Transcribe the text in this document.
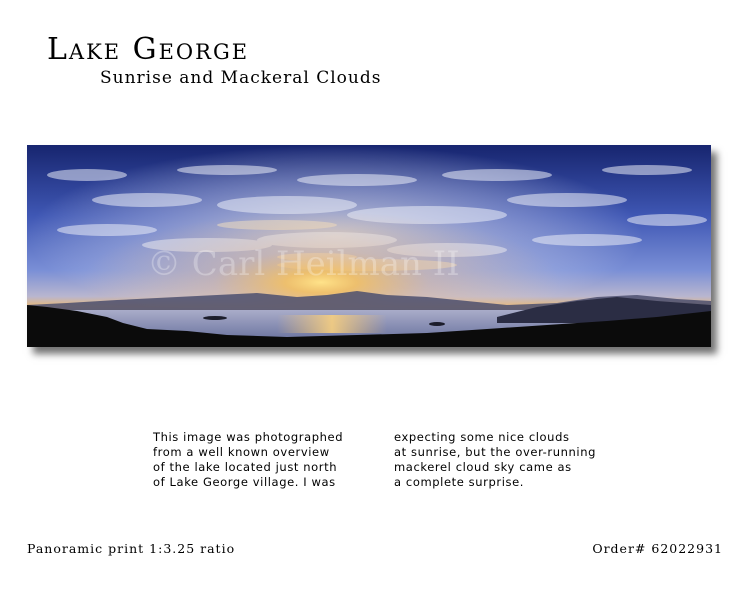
Lake George
Sunrise and Mackeral Clouds
© Carl Heilman II

This image was photographed

from a well known overview

of the lake located just north

of Lake George village. I was

expecting some nice clouds

at sunrise, but the over-running

mackerel cloud sky came as

a complete surprise.

Panoramic print 1:3.25 ratio	Order# 62022931
